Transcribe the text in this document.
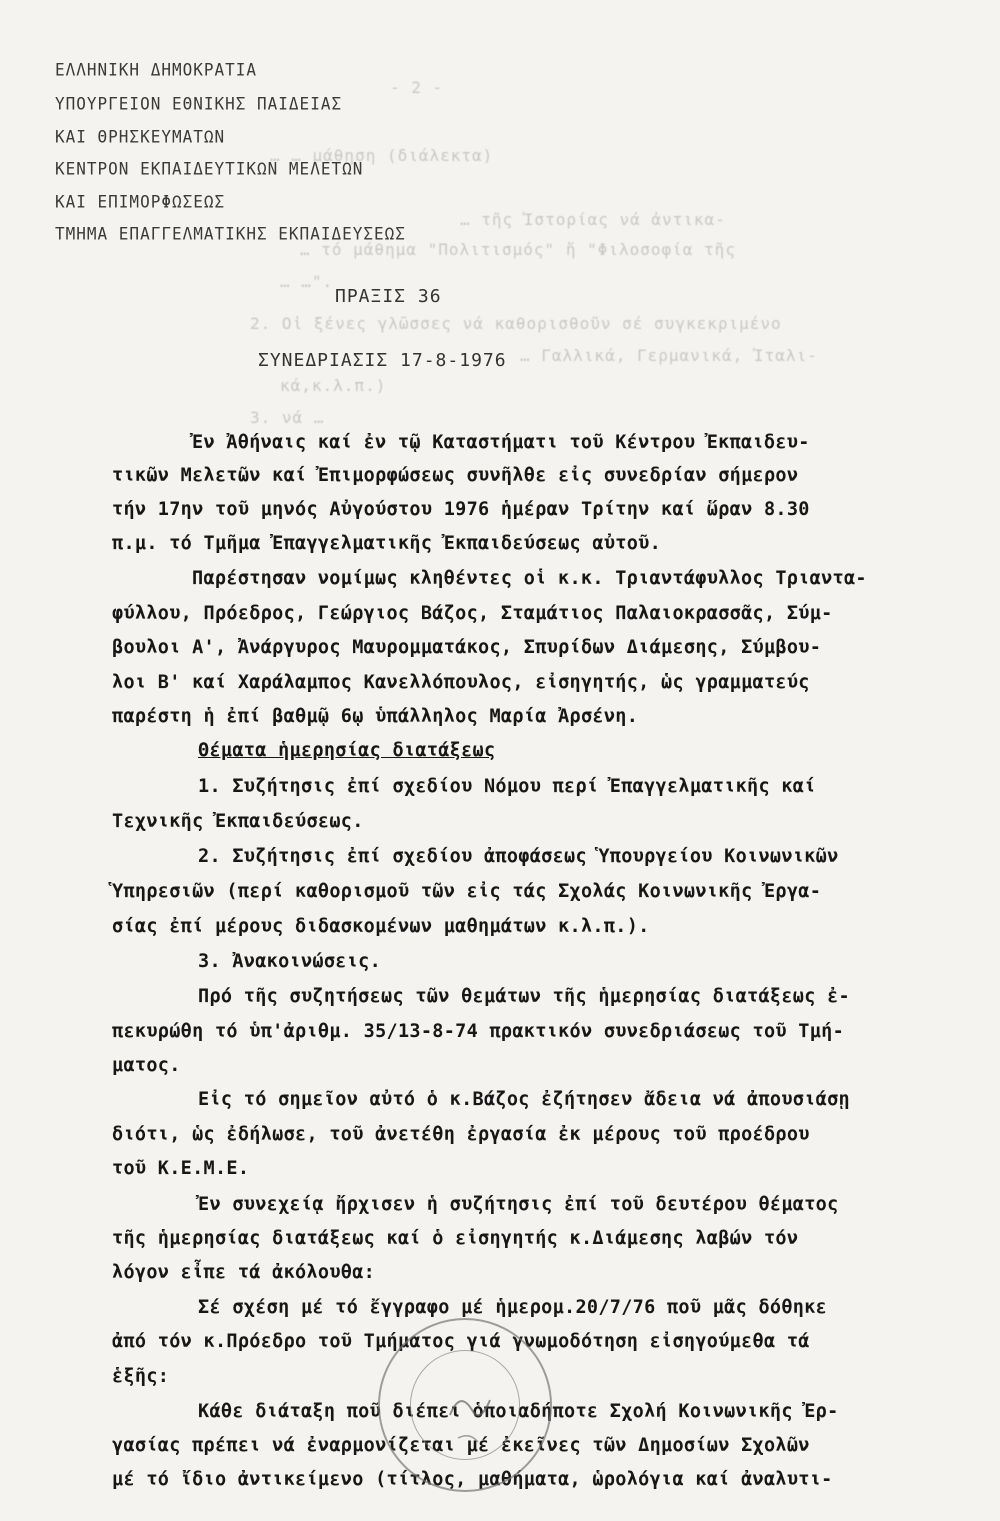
- 2 -
… … μάθηση (διάλεκτα)
… τῆς Ἱστορίας νά ἀντικα-
… τό μάθημα "Πολιτισμός" ἤ "Φιλοσοφία τῆς
… …".
2. Οἱ ξένες γλῶσσες νά καθορισθοῦν σέ συγκεκριμένο
… Γαλλικά, Γερμανικά, Ἰταλι-
κά,κ.λ.π.)
3. νά …
ΕΛΛΗΝΙΚΗ ΔΗΜΟΚΡΑΤΙΑ
ΥΠΟΥΡΓΕΙΟΝ ΕΘΝΙΚΗΣ ΠΑΙΔΕΙΑΣ
ΚΑΙ ΘΡΗΣΚΕΥΜΑΤΩΝ
ΚΕΝΤΡΟΝ ΕΚΠΑΙΔΕΥΤΙΚΩΝ ΜΕΛΕΤΩΝ
ΚΑΙ ΕΠΙΜΟΡΦΩΣΕΩΣ
ΤΜΗΜΑ ΕΠΑΓΓΕΛΜΑΤΙΚΗΣ ΕΚΠΑΙΔΕΥΣΕΩΣ
ΠΡΑΞΙΣ 36
ΣΥΝΕΔΡΙΑΣΙΣ 17-8-1976
Ἐν Ἀθήναις καί ἐν τῷ Καταστήματι τοῦ Κέντρου Ἐκπαιδευ-
τικῶν Μελετῶν καί Ἐπιμορφώσεως συνῆλθε εἰς συνεδρίαν σήμερον
τήν 17ην τοῦ μηνός Αὐγούστου 1976 ἡμέραν Τρίτην καί ὥραν 8.30
π.μ. τό Τμῆμα Ἐπαγγελματικῆς Ἐκπαιδεύσεως αὐτοῦ.
Παρέστησαν νομίμως κληθέντες οἱ κ.κ. Τριαντάφυλλος Τριαντα-
φύλλου, Πρόεδρος, Γεώργιος Βάζος, Σταμάτιος Παλαιοκρασσᾶς, Σύμ-
βουλοι Α', Ἀνάργυρος Μαυρομματάκος, Σπυρίδων Διάμεσης, Σύμβου-
λοι Β' καί Χαράλαμπος Κανελλόπουλος, εἰσηγητής, ὡς γραμματεύς
παρέστη ἡ ἐπί βαθμῷ 6ῳ ὑπάλληλος Μαρία Ἀρσένη.
Θέματα ἡμερησίας διατάξεως
1. Συζήτησις ἐπί σχεδίου Νόμου περί Ἐπαγγελματικῆς καί
Τεχνικῆς Ἐκπαιδεύσεως.
2. Συζήτησις ἐπί σχεδίου ἀποφάσεως Ὑπουργείου Κοινωνικῶν
Ὑπηρεσιῶν (περί καθορισμοῦ τῶν εἰς τάς Σχολάς Κοινωνικῆς Ἐργα-
σίας ἐπί μέρους διδασκομένων μαθημάτων κ.λ.π.).
3. Ἀνακοινώσεις.
Πρό τῆς συζητήσεως τῶν θεμάτων τῆς ἡμερησίας διατάξεως ἐ-
πεκυρώθη τό ὑπ'ἀριθμ. 35/13-8-74 πρακτικόν συνεδριάσεως τοῦ Τμή-
ματος.
Εἰς τό σημεῖον αὐτό ὁ κ.Βάζος ἐζήτησεν ἄδεια νά ἀπουσιάσῃ
διότι, ὡς ἐδήλωσε, τοῦ ἀνετέθη ἐργασία ἐκ μέρους τοῦ προέδρου
τοῦ Κ.Ε.Μ.Ε.
Ἐν συνεχείᾳ ἤρχισεν ἡ συζήτησις ἐπί τοῦ δευτέρου θέματος
τῆς ἡμερησίας διατάξεως καί ὁ εἰσηγητής κ.Διάμεσης λαβών τόν
λόγον εἶπε τά ἀκόλουθα:
Σέ σχέση μέ τό ἔγγραφο μέ ἡμερομ.20/7/76 ποῦ μᾶς δόθηκε
ἀπό τόν κ.Πρόεδρο τοῦ Τμήματος γιά γνωμοδότηση εἰσηγούμεθα τά
ἑξῆς:
Κάθε διάταξη ποῦ διέπει ὁποιαδήποτε Σχολή Κοινωνικῆς Ἐρ-
γασίας πρέπει νά ἐναρμονίζεται μέ ἐκεῖνες τῶν Δημοσίων Σχολῶν
μέ τό ἴδιο ἀντικείμενο (τίτλος, μαθήματα, ὡρολόγια καί ἀναλυτι-
